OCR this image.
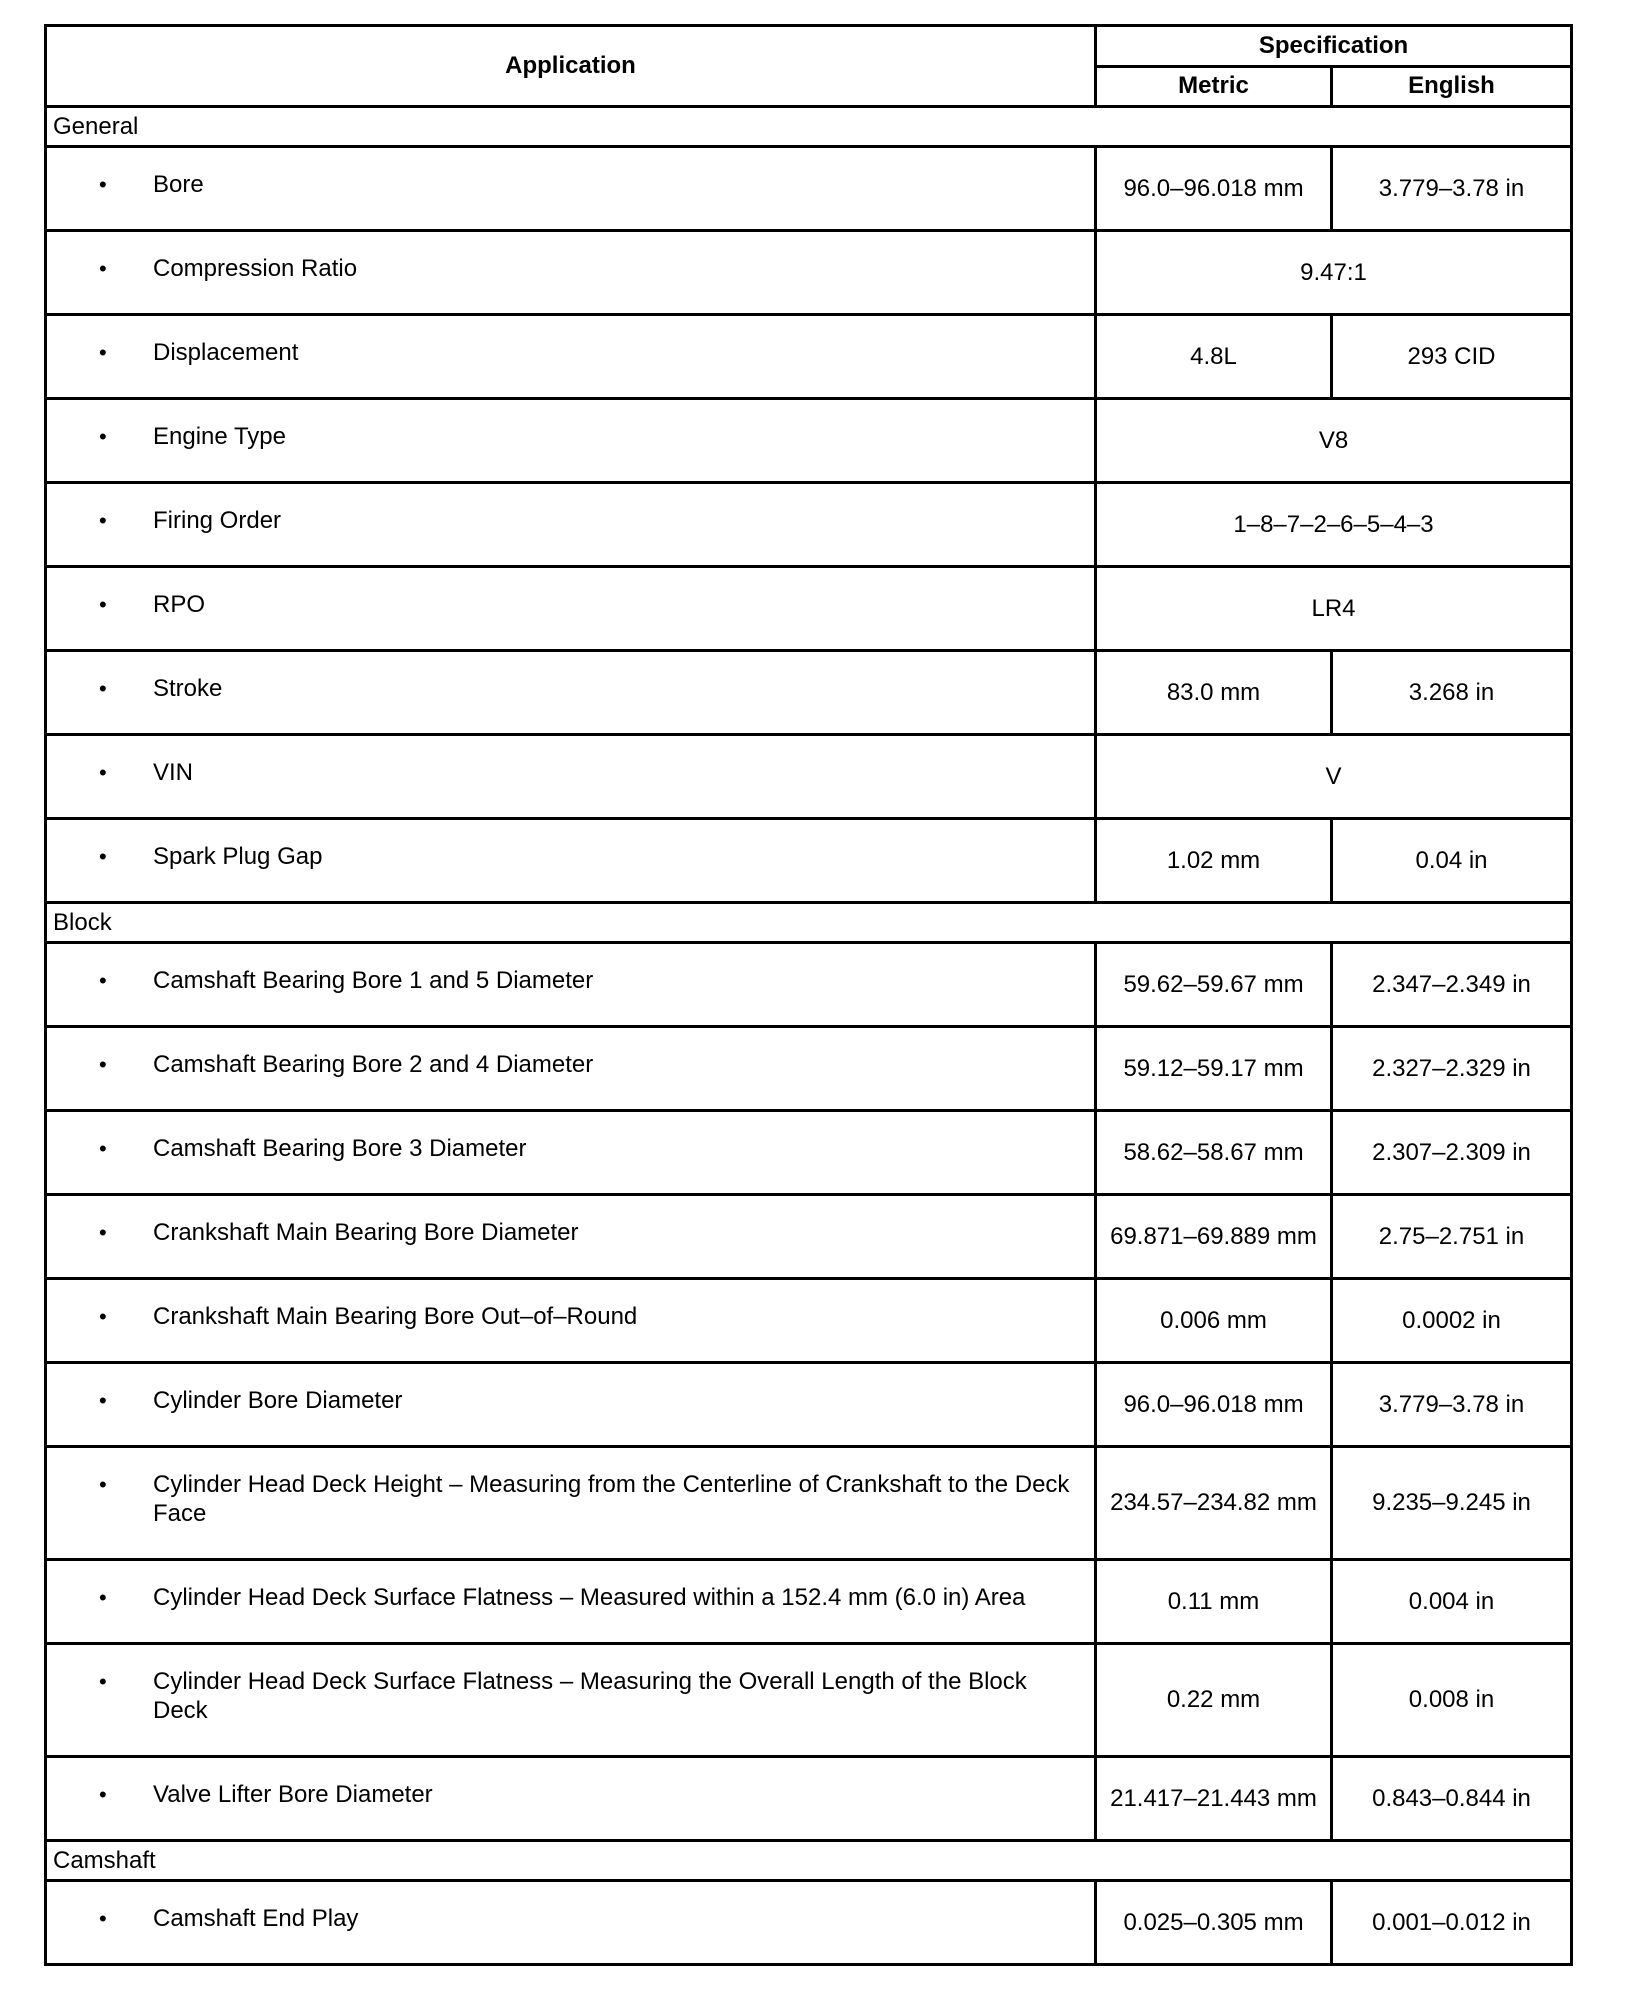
Application	Specification	
	Metric	English
General		

• Bore	96.0–96.018 mm	3.779–3.78 in

• Compression Ratio	9.47:1	

• Displacement	4.8L	293 CID

• Engine Type	V8	

• Firing Order	1–8–7–2–6–5–4–3	

• RPO	LR4	

• Stroke	83.0 mm	3.268 in

• VIN	V	

• Spark Plug Gap	1.02 mm	0.04 in
Block		

• Camshaft Bearing Bore 1 and 5 Diameter	59.62–59.67 mm	2.347–2.349 in

• Camshaft Bearing Bore 2 and 4 Diameter	59.12–59.17 mm	2.327–2.329 in

• Camshaft Bearing Bore 3 Diameter	58.62–58.67 mm	2.307–2.309 in

• Crankshaft Main Bearing Bore Diameter	69.871–69.889 mm	2.75–2.751 in

• Crankshaft Main Bearing Bore Out–of–Round	0.006 mm	0.0002 in

• Cylinder Bore Diameter	96.0–96.018 mm	3.779–3.78 in

• Cylinder Head Deck Height – Measuring from the Centerline of Crankshaft to the Deck Face	234.57–234.82 mm	9.235–9.245 in

• Cylinder Head Deck Surface Flatness – Measured within a 152.4 mm (6.0 in) Area	0.11 mm	0.004 in

• Cylinder Head Deck Surface Flatness – Measuring the Overall Length of the Block Deck	0.22 mm	0.008 in

• Valve Lifter Bore Diameter	21.417–21.443 mm	0.843–0.844 in
Camshaft		

• Camshaft End Play	0.025–0.305 mm	0.001–0.012 in
